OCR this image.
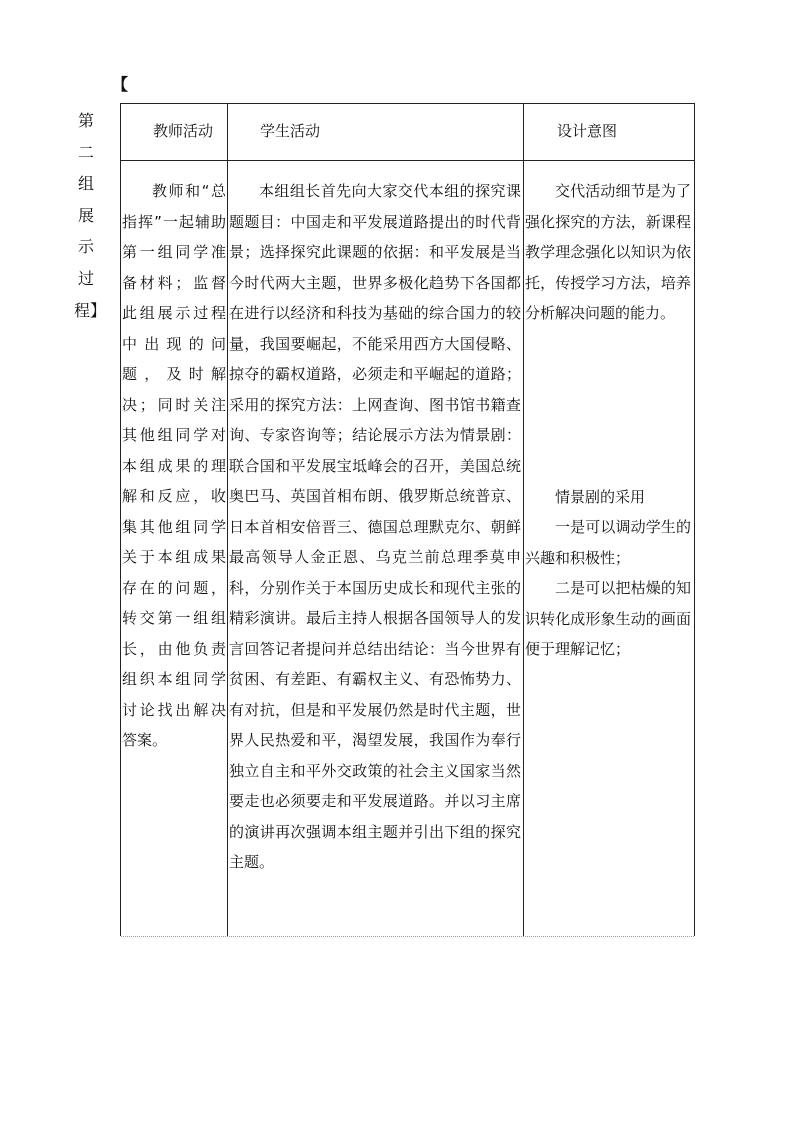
【
第
二
组
展
示
过
程】
教师活动	学生活动	设计意图

教师和“总指挥”一起辅助第一组同学准备材料；监督此组展示过程中出现的问题，及时解决；同时关注其他组同学对本组成果的理解和反应，收集其他组同学关于本组成果存在的问题，转交第一组组长，由他负责组织本组同学讨论找出解决答案。

本组组长首先向大家交代本组的探究课题题目：中国走和平发展道路提出的时代背景；选择探究此课题的依据：和平发展是当今时代两大主题，世界多极化趋势下各国都在进行以经济和科技为基础的综合国力的较量，我国要崛起，不能采用西方大国侵略、掠夺的霸权道路，必须走和平崛起的道路；采用的探究方法：上网查询、图书馆书籍查询、专家咨询等；结论展示方法为情景剧：联合国和平发展宝坻峰会的召开，美国总统奥巴马、英国首相布朗、俄罗斯总统普京、日本首相安倍晋三、德国总理默克尔、朝鲜最高领导人金正恩、乌克兰前总理季莫申科，分别作关于本国历史成长和现代主张的精彩演讲。最后主持人根据各国领导人的发言回答记者提问并总结出结论：当今世界有贫困、有差距、有霸权主义、有恐怖势力、有对抗，但是和平发展仍然是时代主题，世界人民热爱和平，渴望发展，我国作为奉行独立自主和平外交政策的社会主义国家当然要走也必须要走和平发展道路。并以习主席的演讲再次强调本组主题并引出下组的探究主题。

交代活动细节是为了强化探究的方法，新课程教学理念强化以知识为依托，传授学习方法，培养分析解决问题的能力。

情景剧的采用

一是可以调动学生的兴趣和积极性；

二是可以把枯燥的知识转化成形象生动的画面便于理解记忆；
